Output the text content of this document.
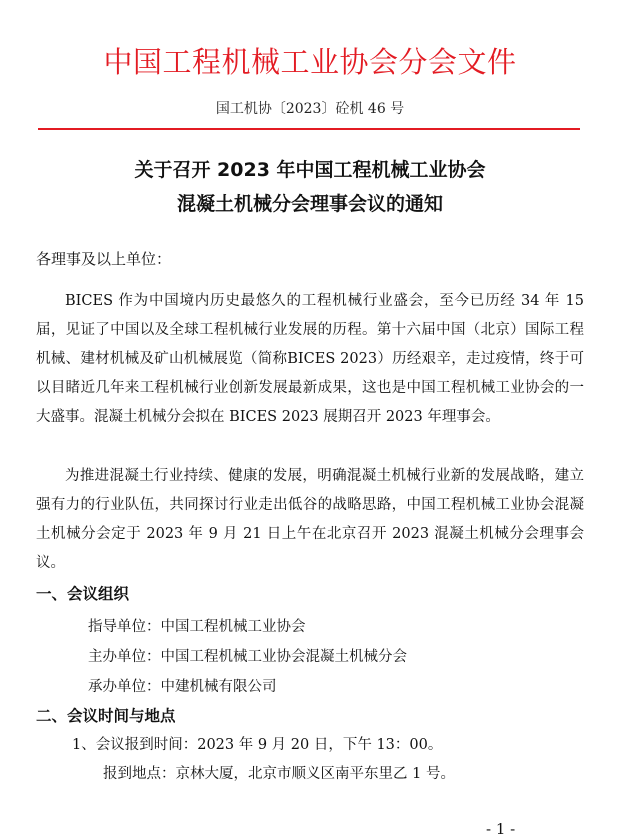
中国工程机械工业协会分会文件
国工机协〔2023〕砼机 46 号
关于召开 2023 年中国工程机械工业协会
混凝土机械分会理事会议的通知
各理事及以上单位：

BICES 作为中国境内历史最悠久的工程机械行业盛会，至今已历经 34 年 15 届，见证了中国以及全球工程机械行业发展的历程。第十六届中国（北京）国际工程机械、建材机械及矿山机械展览（简称BICES 2023）历经艰辛，走过疫情，终于可以目睹近几年来工程机械行业创新发展最新成果，这也是中国工程机械工业协会的一大盛事。混凝土机械分会拟在 BICES 2023 展期召开 2023 年理事会。

为推进混凝土行业持续、健康的发展，明确混凝土机械行业新的发展战略，建立强有力的行业队伍，共同探讨行业走出低谷的战略思路，中国工程机械工业协会混凝土机械分会定于 2023 年 9 月 21 日上午在北京召开 2023 混凝土机械分会理事会议。

一、会议组织
指导单位：中国工程机械工业协会
主办单位：中国工程机械工业协会混凝土机械分会
承办单位：中建机械有限公司
二、会议时间与地点
1、会议报到时间：2023 年 9 月 20 日，下午 13：00。
报到地点：京林大厦，北京市顺义区南平东里乙 1 号。
- 1 -
